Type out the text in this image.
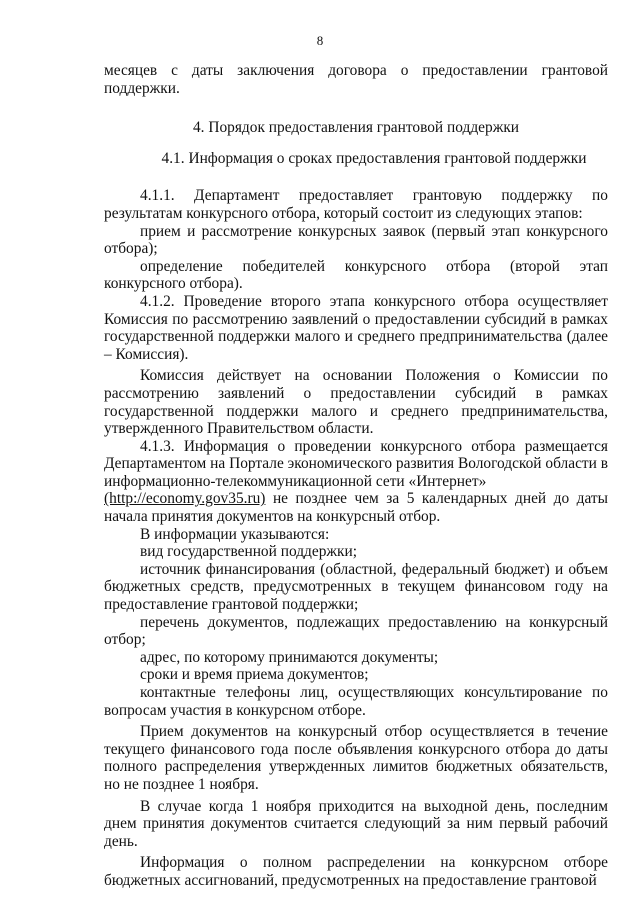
8

месяцев с даты заключения договора о предоставлении грантовой поддержки.

4. Порядок предоставления грантовой поддержки

4.1. Информация о сроках предоставления грантовой поддержки

4.1.1. Департамент предоставляет грантовую поддержку по результатам конкурсного отбора, который состоит из следующих этапов:

прием и рассмотрение конкурсных заявок (первый этап конкурсного отбора);

определение победителей конкурсного отбора (второй этап конкурсного отбора).

4.1.2. Проведение второго этапа конкурсного отбора осуществляет Комиссия по рассмотрению заявлений о предоставлении субсидий в рамках государственной поддержки малого и среднего предпринимательства (далее – Комиссия).

Комиссия действует на основании Положения о Комиссии по рассмотрению заявлений о предоставлении субсидий в рамках государственной поддержки малого и среднего предпринимательства, утвержденного Правительством области.

4.1.3. Информация о проведении конкурсного отбора размещается Департаментом на Портале экономического развития Вологодской области в информационно-телекоммуникационной сети «Интернет»

(http://economy.gov35.ru) не позднее чем за 5 календарных дней до даты начала принятия документов на конкурсный отбор.

В информации указываются:

вид государственной поддержки;

источник финансирования (областной, федеральный бюджет) и объем бюджетных средств, предусмотренных в текущем финансовом году на предоставление грантовой поддержки;

перечень документов, подлежащих предоставлению на конкурсный отбор;

адрес, по которому принимаются документы;

сроки и время приема документов;

контактные телефоны лиц, осуществляющих консультирование по вопросам участия в конкурсном отборе.

Прием документов на конкурсный отбор осуществляется в течение текущего финансового года после объявления конкурсного отбора до даты полного распределения утвержденных лимитов бюджетных обязательств, но не позднее 1 ноября.

В случае когда 1 ноября приходится на выходной день, последним днем принятия документов считается следующий за ним первый рабочий день.

Информация о полном распределении на конкурсном отборе бюджетных ассигнований, предусмотренных на предоставление грантовой
